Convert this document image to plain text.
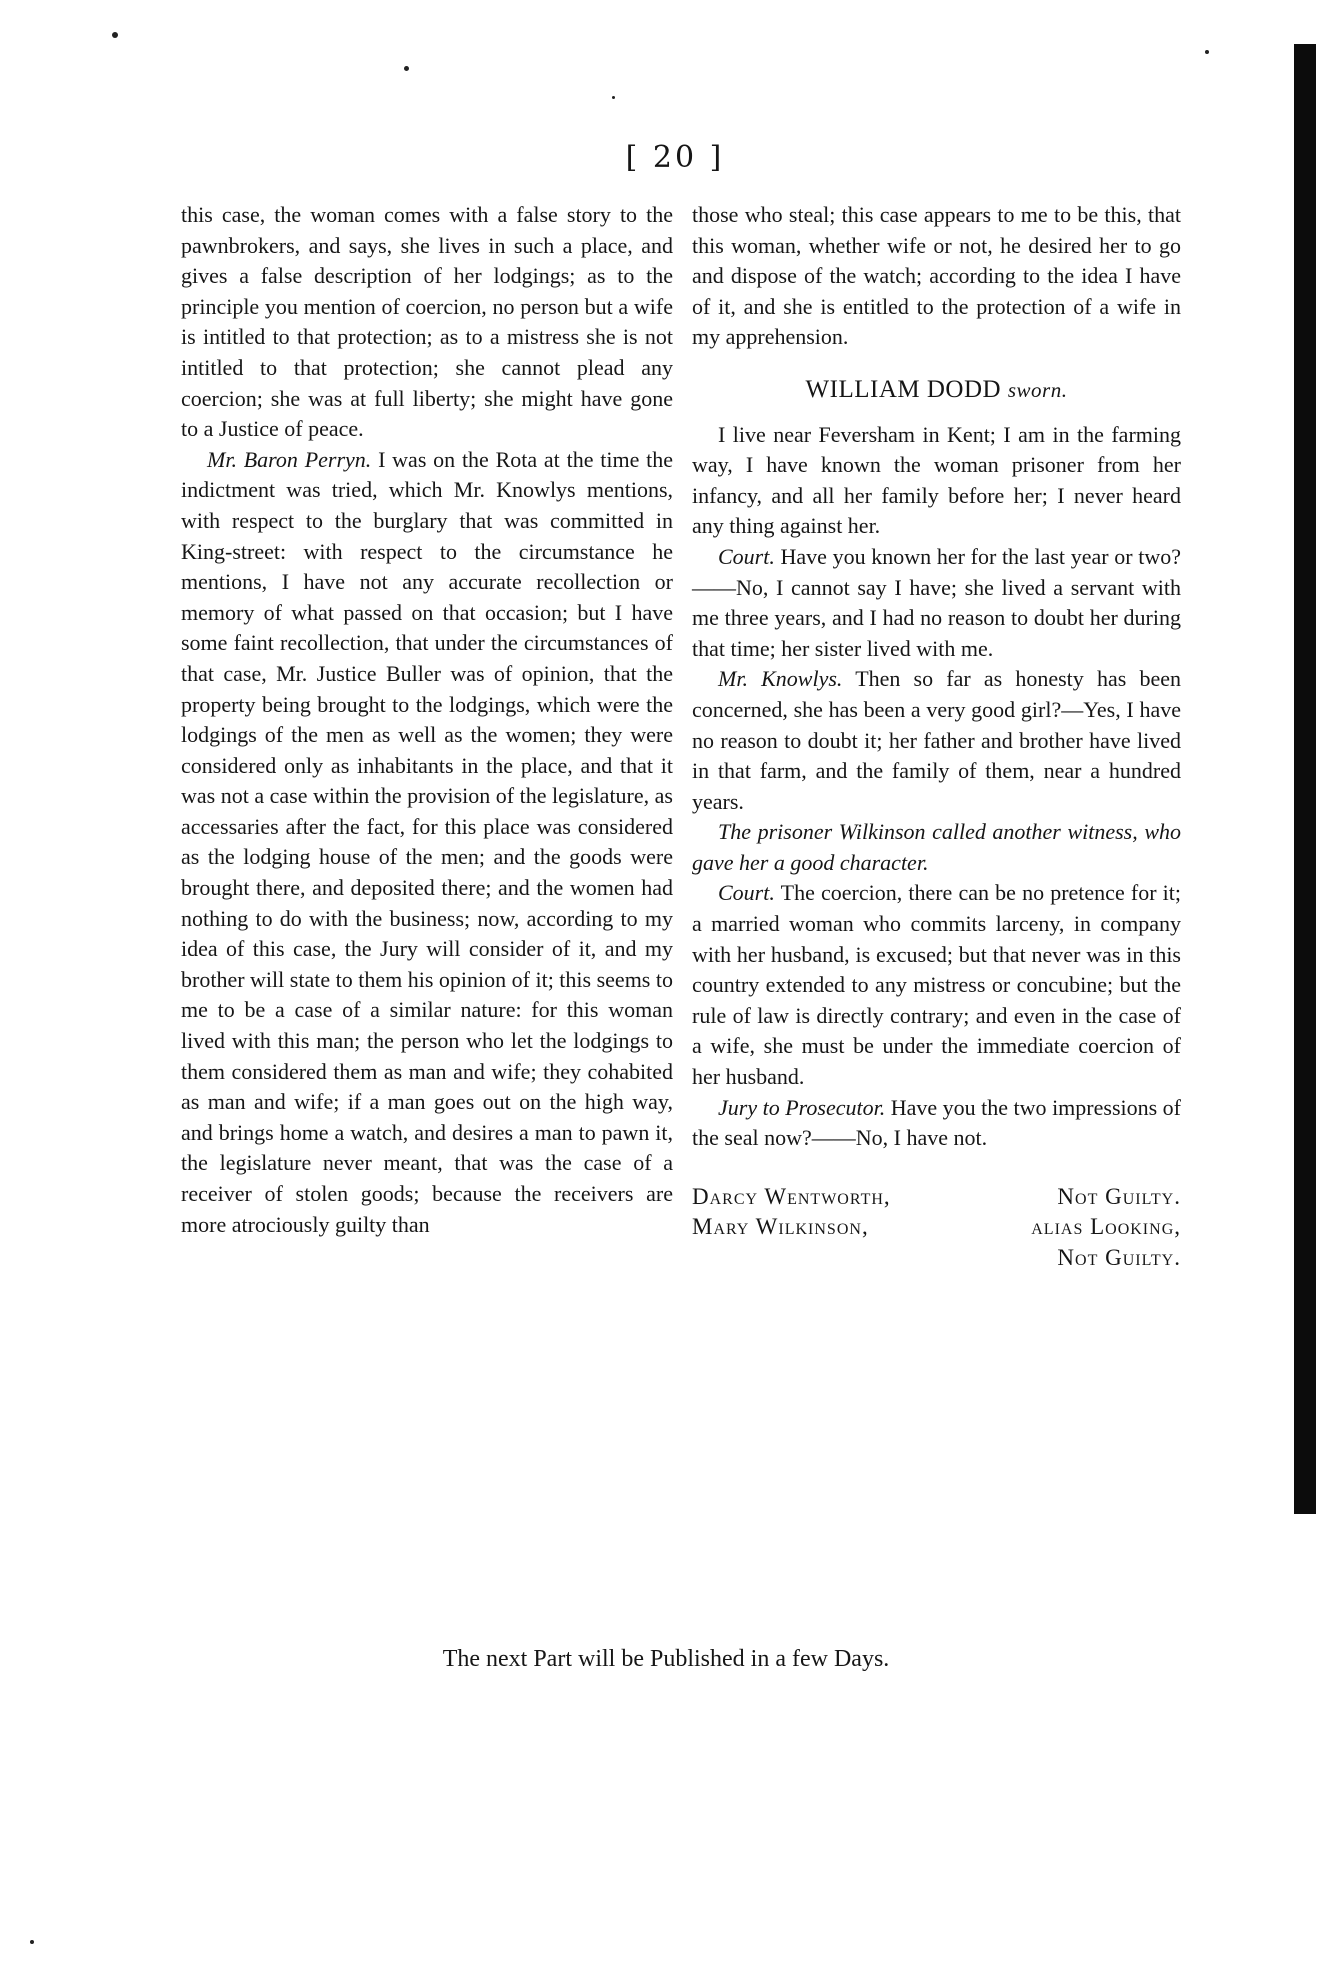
[ 20 ]

this case, the woman comes with a false story to the pawnbrokers, and says, she lives in such a place, and gives a false description of her lodgings; as to the principle you mention of coercion, no person but a wife is intitled to that protection; as to a mistress she is not intitled to that protection; she cannot plead any coercion; she was at full liberty; she might have gone to a Justice of peace.

Mr. Baron Perryn. I was on the Rota at the time the indictment was tried, which Mr. Knowlys mentions, with respect to the burglary that was committed in King-street: with respect to the circumstance he mentions, I have not any accurate recollection or memory of what passed on that occasion; but I have some faint recollection, that under the circumstances of that case, Mr. Justice Buller was of opinion, that the property being brought to the lodgings, which were the lodgings of the men as well as the women; they were considered only as inhabitants in the place, and that it was not a case within the provision of the legislature, as accessaries after the fact, for this place was considered as the lodging house of the men; and the goods were brought there, and deposited there; and the women had nothing to do with the business; now, according to my idea of this case, the Jury will consider of it, and my brother will state to them his opinion of it; this seems to me to be a case of a similar nature: for this woman lived with this man; the person who let the lodgings to them considered them as man and wife; they cohabited as man and wife; if a man goes out on the high way, and brings home a watch, and desires a man to pawn it, the legislature never meant, that was the case of a receiver of stolen goods; because the receivers are more atrociously guilty than

those who steal; this case appears to me to be this, that this woman, whether wife or not, he desired her to go and dispose of the watch; according to the idea I have of it, and she is entitled to the protection of a wife in my apprehension.

WILLIAM DODD sworn.

I live near Feversham in Kent; I am in the farming way, I have known the woman prisoner from her infancy, and all her family before her; I never heard any thing against her.

Court. Have you known her for the last year or two?——No, I cannot say I have; she lived a servant with me three years, and I had no reason to doubt her during that time; her sister lived with me.

Mr. Knowlys. Then so far as honesty has been concerned, she has been a very good girl?—Yes, I have no reason to doubt it; her father and brother have lived in that farm, and the family of them, near a hundred years.

The prisoner Wilkinson called another witness, who gave her a good character.

Court. The coercion, there can be no pretence for it; a married woman who commits larceny, in company with her husband, is excused; but that never was in this country extended to any mistress or concubine; but the rule of law is directly contrary; and even in the case of a wife, she must be under the immediate coercion of her husband.

Jury to Prosecutor. Have you the two impressions of the seal now?——No, I have not.

Darcy Wentworth,	Not Guilty.
Mary Wilkinson,	alias Looking,
Not Guilty.
The next Part will be Published in a few Days.
